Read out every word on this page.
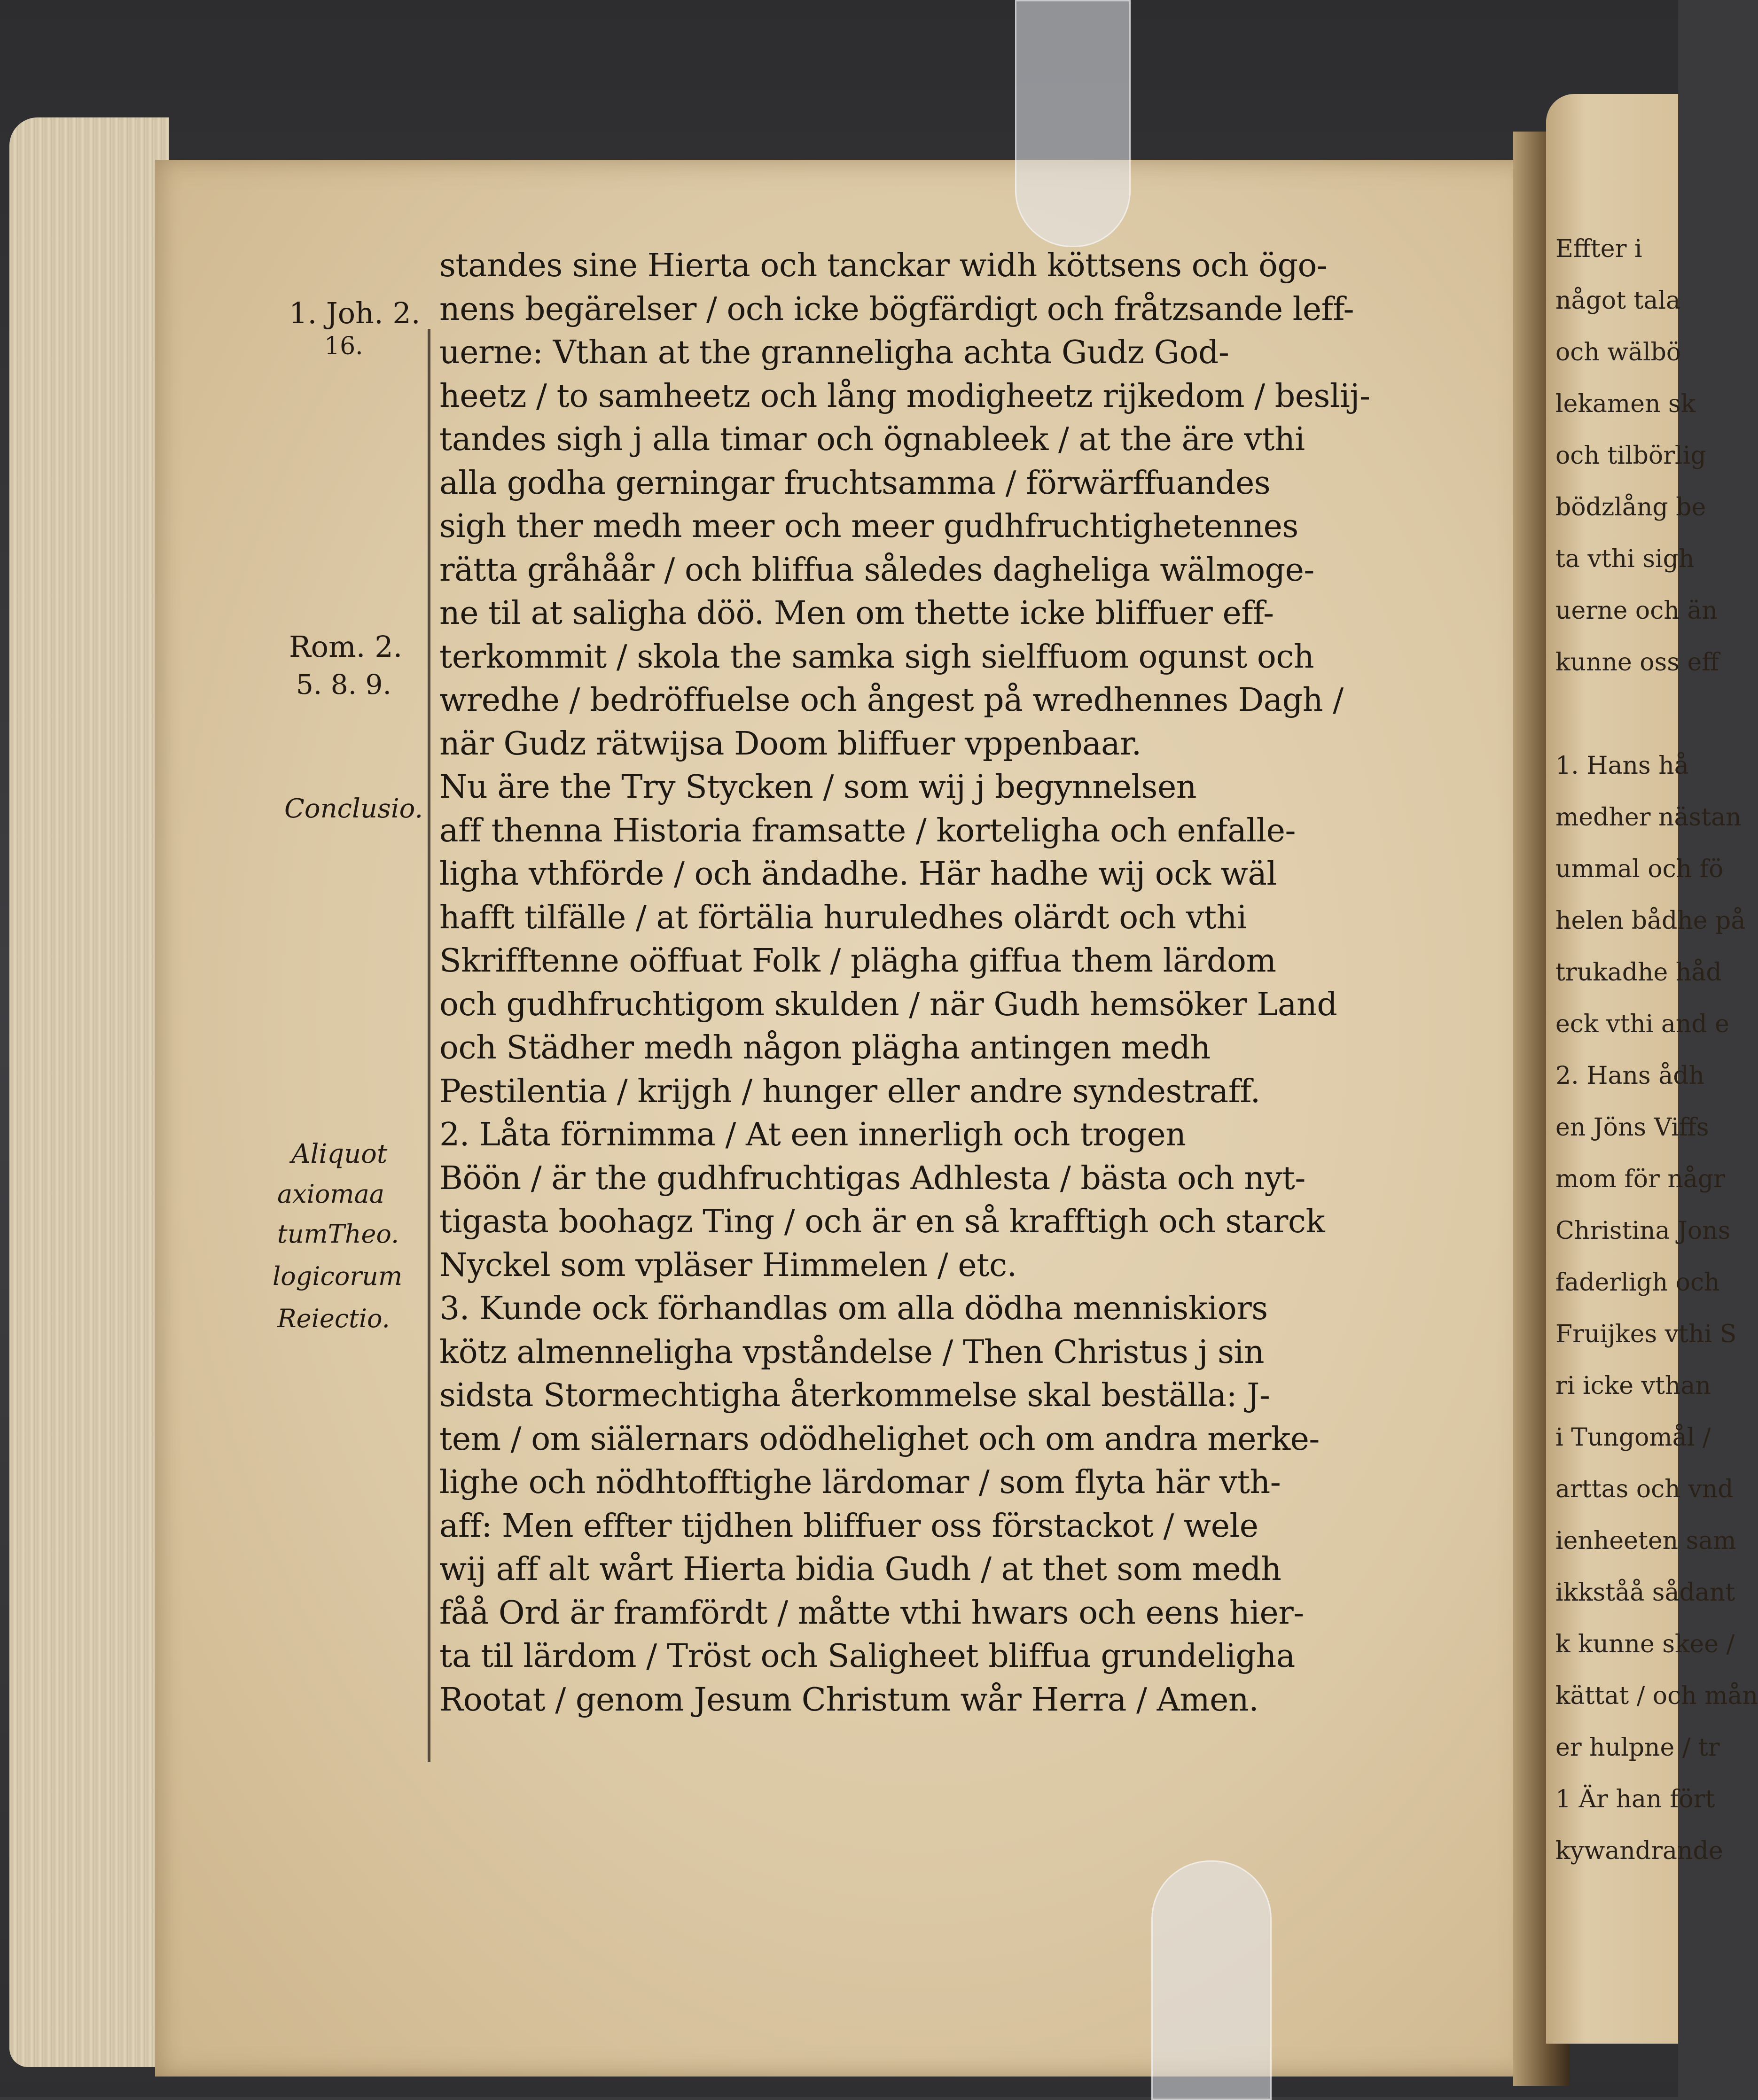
Effter i
något tala
och wälbö
lekamen sk
och tilbörlig
bödzlång be
ta vthi sigh
uerne och än
kunne oss eff
1. Hans hå
medher nästan
ummal och fö
helen bådhe på
trukadhe håd
eck vthi and e
2. Hans ådh
en Jöns Viffs
mom för någr
Christina Jons
faderligh och
Fruijkes vthi S
ri icke vthan
i Tungomål /
arttas och vnd
ienheeten sam
ikkståå sådant
k kunne skee /
kättat / och mån
er hulpne / tr
1 Är han fört
kywandrande
1. Joh. 2.
16.
Rom. 2.
5. 8. 9.
Conclusio.
Aliquot
axiomaa
tumTheo.
logicorum
Reiectio.
standes sine Hierta och tanckar widh köttsens och ögo-
nens begärelser / och icke bögfärdigt och fråtzsande leff-
uerne: Vthan at the granneligha achta Gudz God-
heetz / to samheetz och lång modigheetz rijkedom / beslij-
tandes sigh j alla timar och ögnableek / at the äre vthi
alla godha gerningar fruchtsamma / förwärffuandes
sigh ther medh meer och meer gudhfruchtighetennes
rätta gråhåår / och bliffua således dagheliga wälmoge-
ne til at saligha döö. Men om thette icke bliffuer eff-
terkommit / skola the samka sigh sielffuom ogunst och
wredhe / bedröffuelse och ångest på wredhennes Dagh /
när Gudz rätwijsa Doom bliffuer vppenbaar.
Nu äre the Try Stycken / som wij j begynnelsen
aff thenna Historia framsatte / korteligha och enfalle-
ligha vthförde / och ändadhe. Här hadhe wij ock wäl
hafft tilfälle / at förtälia huruledhes olärdt och vthi
Skrifftenne oöffuat Folk / plägha giffua them lärdom
och gudhfruchtigom skulden / när Gudh hemsöker Land
och Städher medh någon plägha antingen medh
Pestilentia / krijgh / hunger eller andre syndestraff.
2. Låta förnimma / At een innerligh och trogen
Böön / är the gudhfruchtigas Adhlesta / bästa och nyt-
tigasta boohagz Ting / och är en så krafftigh och starck
Nyckel som vpläser Himmelen / etc.
3. Kunde ock förhandlas om alla dödha menniskiors
kötz almenneligha vpståndelse / Then Christus j sin
sidsta Stormechtigha återkommelse skal beställa: J-
tem / om siälernars odödhelighet och om andra merke-
lighe och nödhtofftighe lärdomar / som flyta här vth-
aff: Men effter tijdhen bliffuer oss förstackot / wele
wij aff alt wårt Hierta bidia Gudh / at thet som medh
fåå Ord är framfördt / måtte vthi hwars och eens hier-
ta til lärdom / Tröst och Saligheet bliffua grundeligha
Rootat / genom Jesum Christum wår Herra / Amen.
